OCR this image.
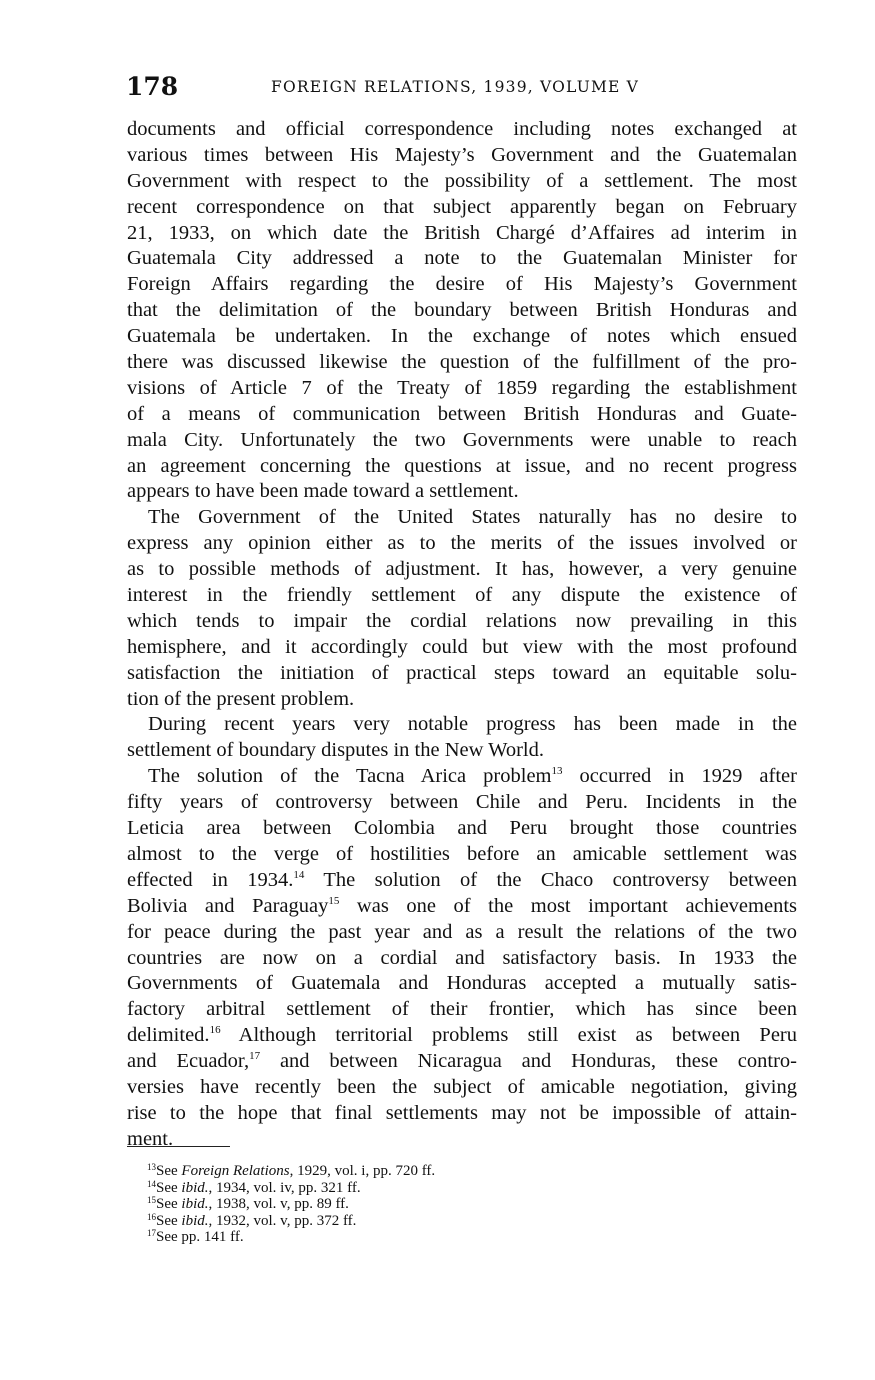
178	FOREIGN RELATIONS, 1939, VOLUME V
documents and official correspondence including notes exchanged at
various times between His Majesty’s Government and the Guatemalan
Government with respect to the possibility of a settlement. The most
recent correspondence on that subject apparently began on February
21, 1933, on which date the British Chargé d’Affaires ad interim in
Guatemala City addressed a note to the Guatemalan Minister for
Foreign Affairs regarding the desire of His Majesty’s Government
that the delimitation of the boundary between British Honduras and
Guatemala be undertaken. In the exchange of notes which ensued
there was discussed likewise the question of the fulfillment of the pro-
visions of Article 7 of the Treaty of 1859 regarding the establishment
of a means of communication between British Honduras and Guate-
mala City. Unfortunately the two Governments were unable to reach
an agreement concerning the questions at issue, and no recent progress
appears to have been made toward a settlement.
The Government of the United States naturally has no desire to
express any opinion either as to the merits of the issues involved or
as to possible methods of adjustment. It has, however, a very genuine
interest in the friendly settlement of any dispute the existence of
which tends to impair the cordial relations now prevailing in this
hemisphere, and it accordingly could but view with the most profound
satisfaction the initiation of practical steps toward an equitable solu-
tion of the present problem.
During recent years very notable progress has been made in the
settlement of boundary disputes in the New World.
The solution of the Tacna Arica problem$^{13}$ occurred in 1929 after
fifty years of controversy between Chile and Peru. Incidents in the
Leticia area between Colombia and Peru brought those countries
almost to the verge of hostilities before an amicable settlement was
effected in 1934.14 The solution of the Chaco controversy between
Bolivia and Paraguay$^{15}$ was one of the most important achievements
for peace during the past year and as a result the relations of the two
countries are now on a cordial and satisfactory basis. In 1933 the
Governments of Guatemala and Honduras accepted a mutually satis-
factory arbitral settlement of their frontier, which has since been
delimited.$^{16}$ Although territorial problems still exist as between Peru
and Ecuador,$^{17}$ and between Nicaragua and Honduras, these contro-
versies have recently been the subject of amicable negotiation, giving
rise to the hope that final settlements may not be impossible of attain-
ment.
$^{13}$See Foreign Relations, 1929, vol. i, pp. 720 ff.
$^{14}$See ibid., 1934, vol. iv, pp. 321 ff.
$^{15}$See ibid., 1938, vol. v, pp. 89 ff.
$^{16}$See ibid., 1932, vol. v, pp. 372 ff.
$^{17}$See pp. 141 ff.
